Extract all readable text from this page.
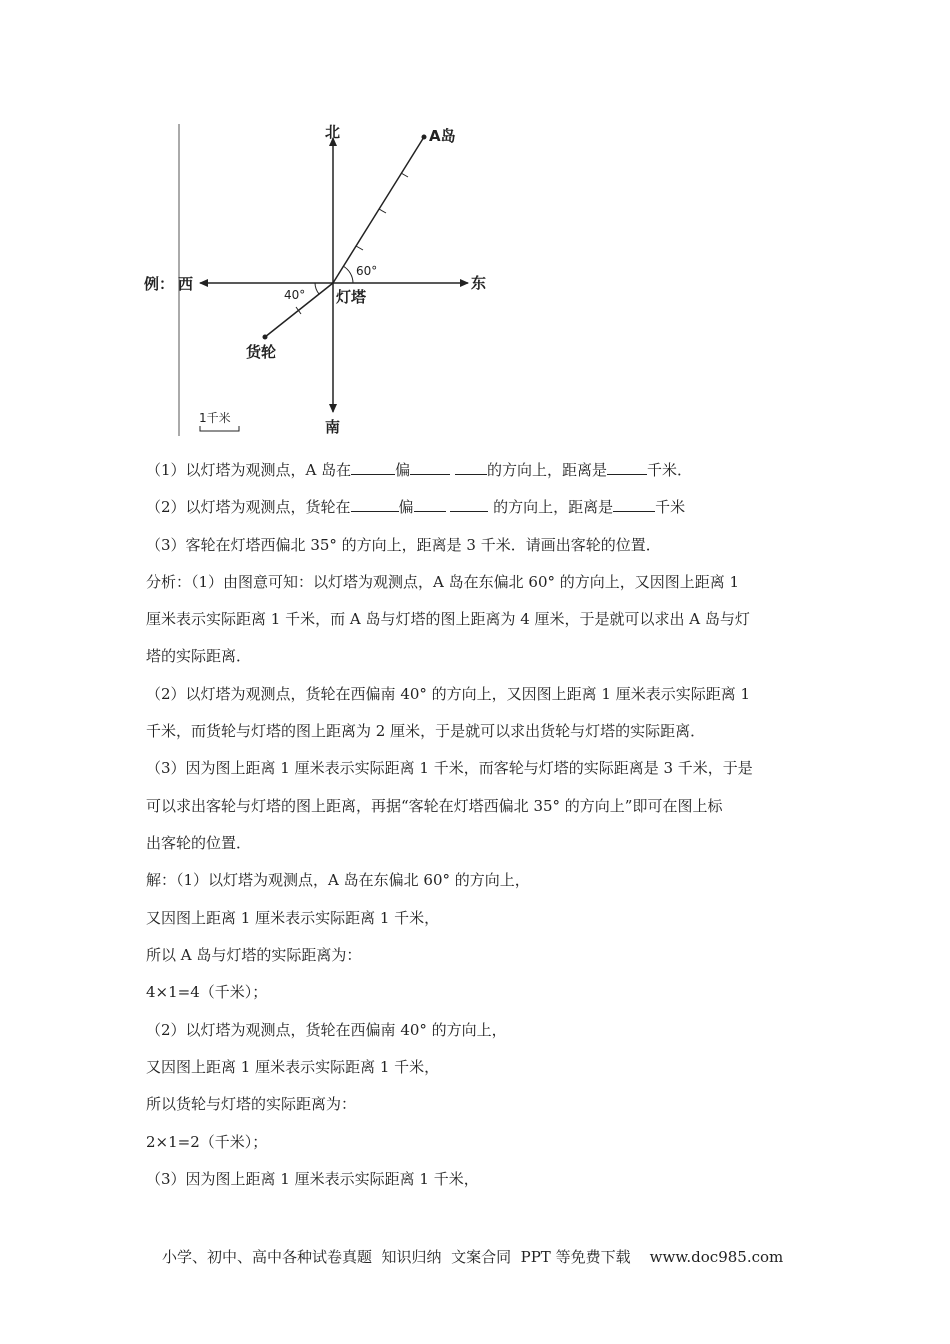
例： 西	东
北
南
A岛
灯塔
货轮
60°
40°
1千米
（1）以灯塔为观测点，A 岛在	偏	的方向上，距离是	千米．
（2）以灯塔为观测点，货轮在	偏	的方向上，距离是	千米
（3）客轮在灯塔西偏北 35° 的方向上，距离是 3 千米．请画出客轮的位置．
分析：（1）由图意可知：以灯塔为观测点，A 岛在东偏北 60° 的方向上，又因图上距离 1
厘米表示实际距离 1 千米，而 A 岛与灯塔的图上距离为 4 厘米，于是就可以求出 A 岛与灯
塔的实际距离．
（2）以灯塔为观测点，货轮在西偏南 40° 的方向上，又因图上距离 1 厘米表示实际距离 1
千米，而货轮与灯塔的图上距离为 2 厘米，于是就可以求出货轮与灯塔的实际距离．
（3）因为图上距离 1 厘米表示实际距离 1 千米，而客轮与灯塔的实际距离是 3 千米，于是
可以求出客轮与灯塔的图上距离，再据“客轮在灯塔西偏北 35° 的方向上”即可在图上标
出客轮的位置．
解：（1）以灯塔为观测点，A 岛在东偏北 60° 的方向上，
又因图上距离 1 厘米表示实际距离 1 千米，
所以 A 岛与灯塔的实际距离为：
4×1=4（千米）；
（2）以灯塔为观测点，货轮在西偏南 40° 的方向上，
又因图上距离 1 厘米表示实际距离 1 千米，
所以货轮与灯塔的实际距离为：
2×1=2（千米）；
（3）因为图上距离 1 厘米表示实际距离 1 千米，
小学、初中、高中各种试卷真题  知识归纳  文案合同  PPT 等免费下载 www.doc985.com
